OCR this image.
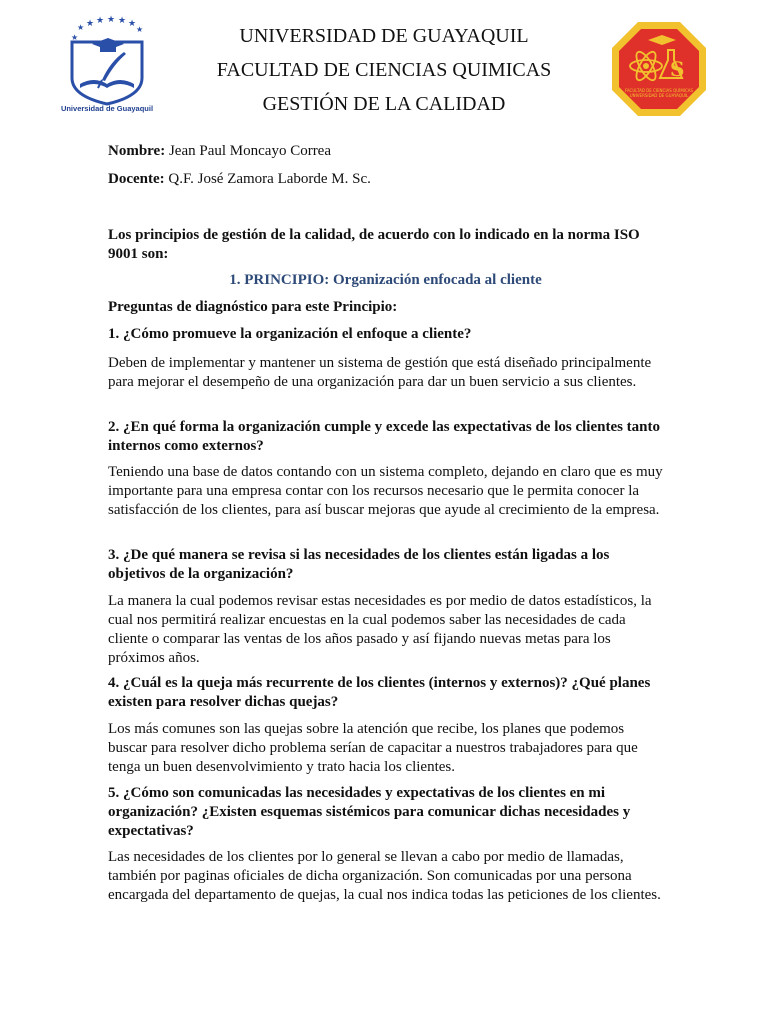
★ ★ ★ ★
★	★
★
★
Universidad de Guayaquil
UNIVERSIDAD DE GUAYAQUIL
FACULTAD DE CIENCIAS QUIMICAS
GESTIÓN DE LA CALIDAD
S
FACULTAD DE CIENCIAS QUÍMICAS
UNIVERSIDAD DE GUAYAQUIL
Nombre: Jean Paul Moncayo Correa
Docente: Q.F. José Zamora Laborde M. Sc.
Los principios de gestión de la calidad, de acuerdo con lo indicado en la norma ISO 9001 son:
1. PRINCIPIO: Organización enfocada al cliente
Preguntas de diagnóstico para este Principio:
1. ¿Cómo promueve la organización el enfoque a cliente?
Deben de implementar y mantener un sistema de gestión que está diseñado principalmente para mejorar el desempeño de una organización para dar un buen servicio a sus clientes.
2. ¿En qué forma la organización cumple y excede las expectativas de los clientes tanto internos como externos?
Teniendo una base de datos contando con un sistema completo, dejando en claro que es muy importante para una empresa contar con los recursos necesario que le permita conocer la satisfacción de los clientes, para así buscar mejoras que ayude al crecimiento de la empresa.
3. ¿De qué manera se revisa si las necesidades de los clientes están ligadas a los objetivos de la organización?
La manera la cual podemos revisar estas necesidades es por medio de datos estadísticos, la cual nos permitirá realizar encuestas en la cual podemos saber las necesidades de cada cliente o comparar las ventas de los años pasado y así fijando nuevas metas para los próximos años.
4. ¿Cuál es la queja más recurrente de los clientes (internos y externos)? ¿Qué planes existen para resolver dichas quejas?
Los más comunes son las quejas sobre la atención que recibe, los planes que podemos buscar para resolver dicho problema serían de capacitar a nuestros trabajadores para que tenga un buen desenvolvimiento y trato hacia los clientes.
5. ¿Cómo son comunicadas las necesidades y expectativas de los clientes en mi organización? ¿Existen esquemas sistémicos para comunicar dichas necesidades y expectativas?
Las necesidades de los clientes por lo general se llevan a cabo por medio de llamadas, también por paginas oficiales de dicha organización. Son comunicadas por una persona encargada del departamento de quejas, la cual nos indica todas las peticiones de los clientes.
